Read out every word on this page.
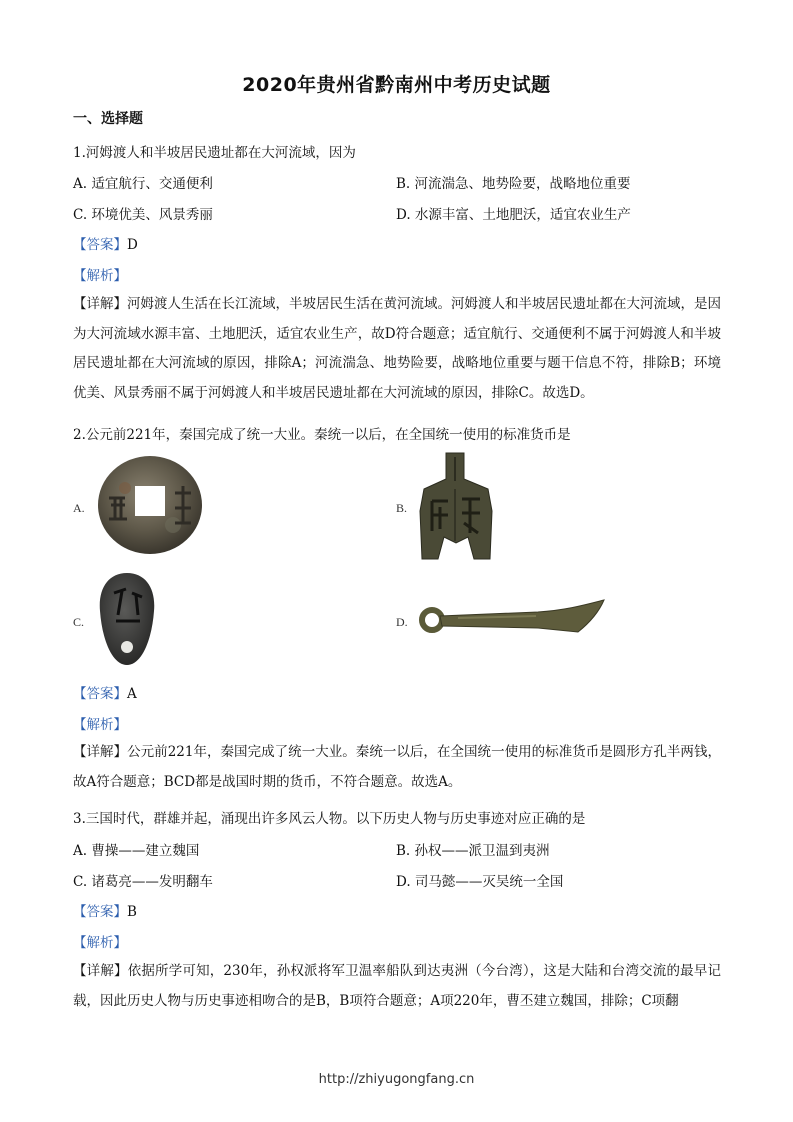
2020年贵州省黔南州中考历史试题
一、选择题
1.河姆渡人和半坡居民遗址都在大河流域，因为
A. 适宜航行、交通便利	B. 河流湍急、地势险要，战略地位重要
C. 环境优美、风景秀丽	D. 水源丰富、土地肥沃，适宜农业生产
【答案】D
【解析】
【详解】河姆渡人生活在长江流域，半坡居民生活在黄河流域。河姆渡人和半坡居民遗址都在大河流域，是因为大河流域水源丰富、土地肥沃，适宜农业生产，故D符合题意；适宜航行、交通便利不属于河姆渡人和半坡居民遗址都在大河流域的原因，排除A；河流湍急、地势险要，战略地位重要与题干信息不符，排除B；环境优美、风景秀丽不属于河姆渡人和半坡居民遗址都在大河流域的原因，排除C。故选D。
2.公元前221年，秦国完成了统一大业。秦统一以后，在全国统一使用的标准货币是
A.	B.
C.	D.
【答案】A
【解析】
【详解】公元前221年，秦国完成了统一大业。秦统一以后，在全国统一使用的标准货币是圆形方孔半两钱，故A符合题意；BCD都是战国时期的货币，不符合题意。故选A。
3.三国时代，群雄并起，涌现出许多风云人物。以下历史人物与历史事迹对应正确的是
A. 曹操——建立魏国	B. 孙权——派卫温到夷洲
C. 诸葛亮——发明翻车	D. 司马懿——灭吴统一全国
【答案】B
【解析】
【详解】依据所学可知，230年，孙权派将军卫温率船队到达夷洲（今台湾），这是大陆和台湾交流的最早记载，因此历史人物与历史事迹相吻合的是B，B项符合题意；A项220年，曹丕建立魏国，排除；C项翻
http://zhiyugongfang.cn
